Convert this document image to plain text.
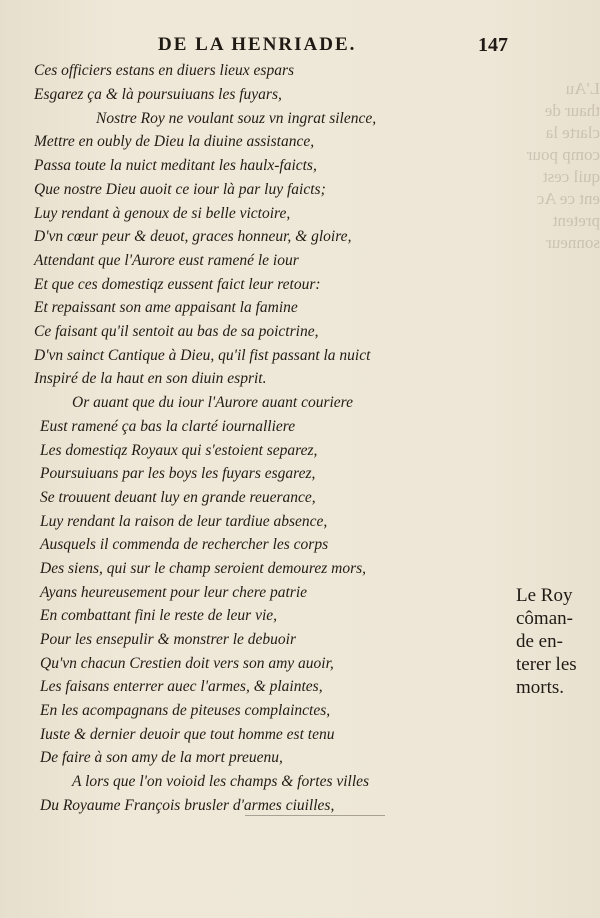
L'Au
thaur de
clarte la
comp pour
quil cest
ent ce Ac
pretent
sonneur
DE LA HENRIADE.	147
Ces officiers estans en diuers lieux espars
Esgarez ça & là poursuiuans les fuyars,
Nostre Roy ne voulant souz vn ingrat silence,
Mettre en oubly de Dieu la diuine assistance,
Passa toute la nuict meditant les haulx-faicts,
Que nostre Dieu auoit ce iour là par luy faicts;
Luy rendant à genoux de si belle victoire,
D'vn cœur peur & deuot, graces honneur, & gloire,
Attendant que l'Aurore eust ramené le iour
Et que ces domestiqz eussent faict leur retour:
Et repaissant son ame appaisant la famine
Ce faisant qu'il sentoit au bas de sa poictrine,
D'vn sainct Cantique à Dieu, qu'il fist passant la nuict
Inspiré de la haut en son diuin esprit.
Or auant que du iour l'Aurore auant couriere
Eust ramené ça bas la clarté iournalliere
Les domestiqz Royaux qui s'estoient separez,
Poursuiuans par les boys les fuyars esgarez,
Se trouuent deuant luy en grande reuerance,
Luy rendant la raison de leur tardiue absence,
Ausquels il commenda de rechercher les corps
Des siens, qui sur le champ seroient demourez mors,
Ayans heureusement pour leur chere patrie
En combattant fini le reste de leur vie,
Pour les ensepulir & monstrer le debuoir
Qu'vn chacun Crestien doit vers son amy auoir,
Les faisans enterrer auec l'armes, & plaintes,
En les acompagnans de piteuses complainctes,
Iuste & dernier deuoir que tout homme est tenu
De faire à son amy de la mort preuenu,
A lors que l'on voioid les champs & fortes villes
Du Royaume François brusler d'armes ciuilles,
Le Roy
côman-
de en-
terer les
morts.
